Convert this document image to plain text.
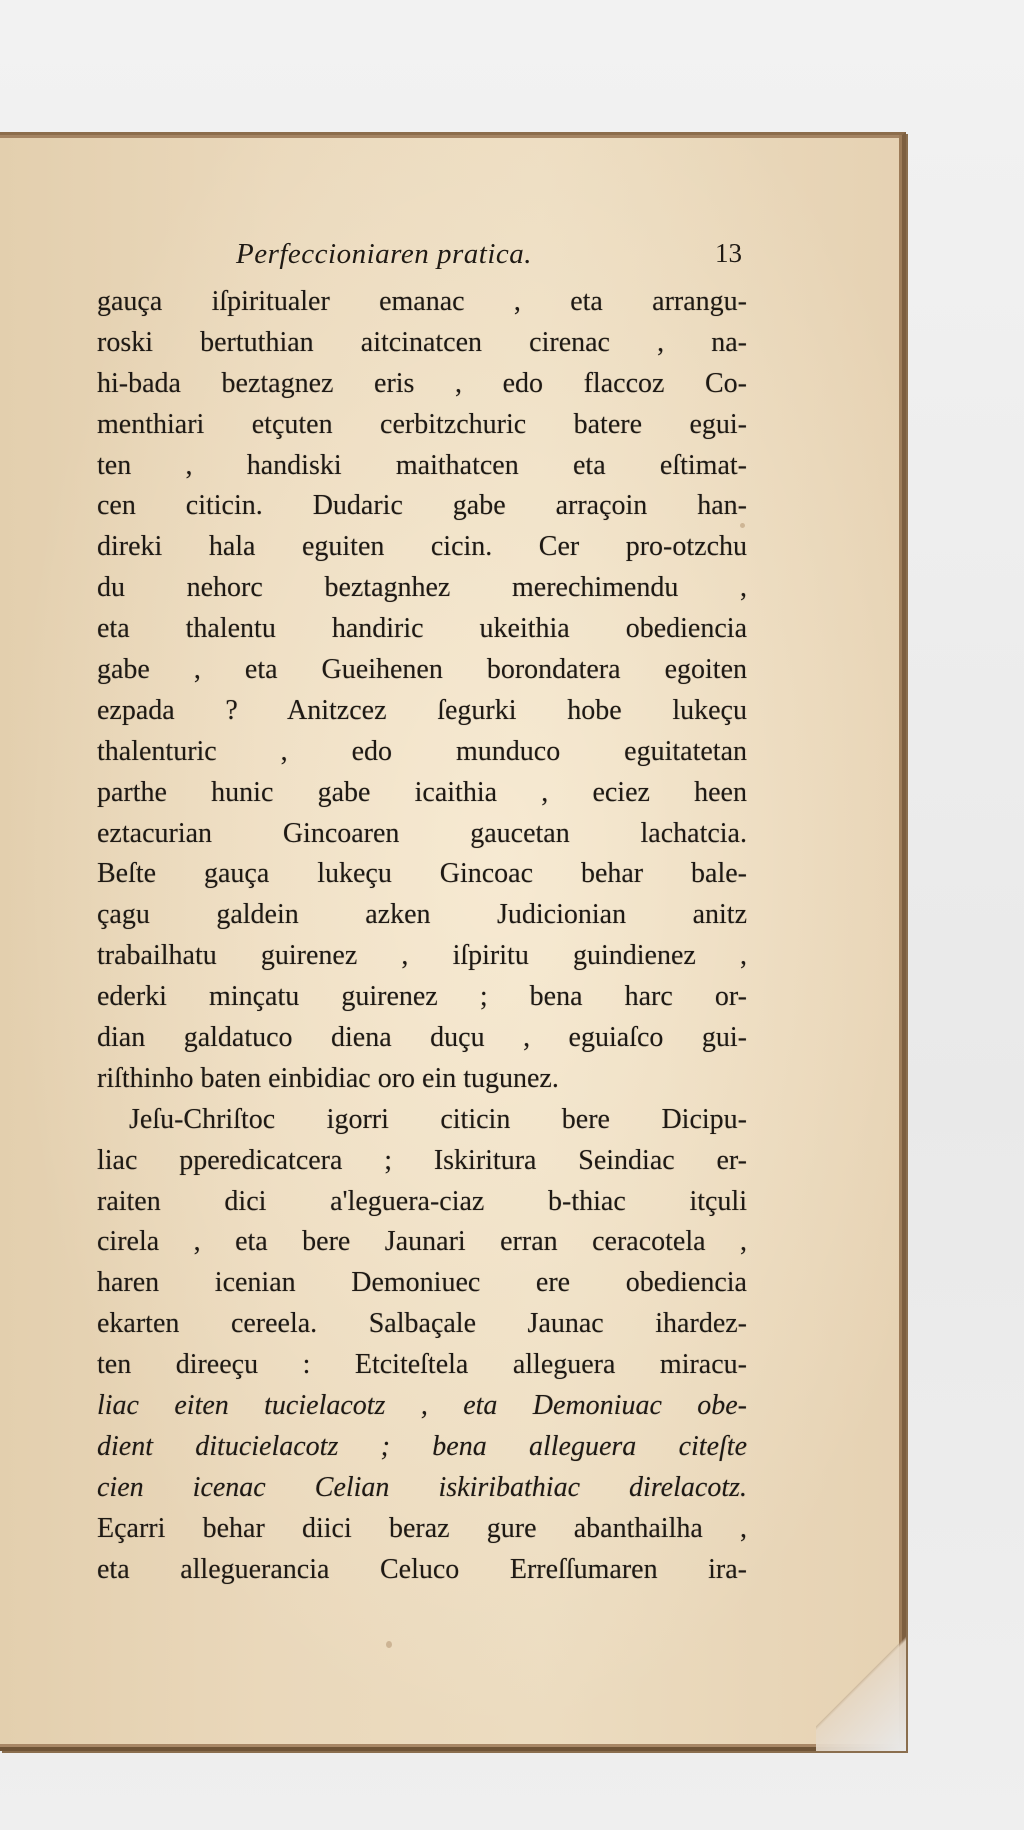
Perfeccioniaren pratica.	13
gauça iſpiritualer emanac , eta arrangu-
roski bertuthian aitcinatcen cirenac , na-
hi-bada beztagnez eris , edo flaccoz Co-
menthiari etçuten cerbitzchuric batere egui-
ten , handiski maithatcen eta eſtimat-
cen citicin. Dudaric gabe arraçoin han-
direki hala eguiten cicin. Cer pro-otzchu
du nehorc beztagnhez merechimendu ,
eta thalentu handiric ukeithia obediencia
gabe , eta Gueihenen borondatera egoiten
ezpada ? Anitzcez ſegurki hobe lukeçu
thalenturic , edo munduco eguitatetan
parthe hunic gabe icaithia , eciez heen
eztacurian Gincoaren gaucetan lachatcia.
Beſte gauça lukeçu Gincoac behar bale-
çagu galdein azken Judicionian anitz
trabailhatu guirenez , iſpiritu guindienez ,
ederki minçatu guirenez ; bena harc or-
dian galdatuco diena duçu , eguiaſco gui-
riſthinho baten einbidiac oro ein tugunez.
Jeſu-Chriſtoc igorri citicin bere Dicipu-
liac pperedicatcera ; Iskiritura Seindiac er-
raiten dici a'leguera-ciaz b-thiac itçuli
cirela , eta bere Jaunari erran ceracotela ,
haren icenian Demoniuec ere obediencia
ekarten cereela. Salbaçale Jaunac ihardez-
ten direeçu : Etciteſtela alleguera miracu-
liac eiten tucielacotz , eta Demoniuac obe-
dient ditucielacotz ; bena alleguera citeſte
cien icenac Celian iskiribathiac direlacotz.
Eçarri behar diici beraz gure abanthailha ,
eta allegueranciа Celuco Erreſſumaren ira-
